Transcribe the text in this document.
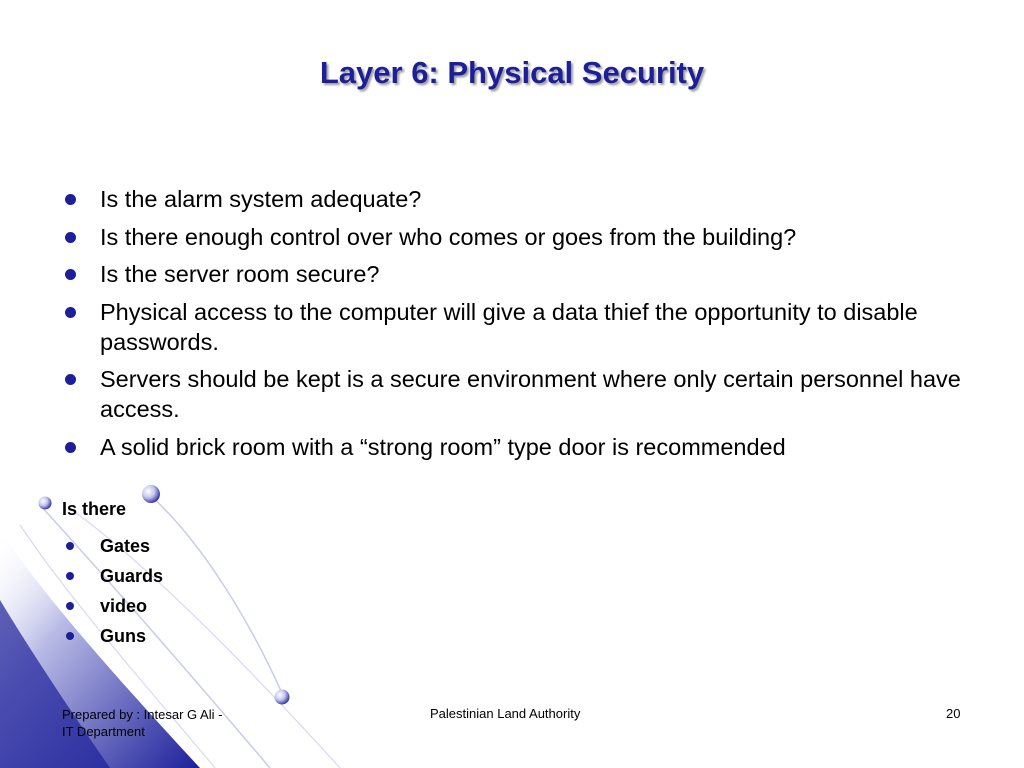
Layer 6: Physical Security
Is the alarm system adequate?
Is there enough control over who comes or goes from the building?
Is the server room secure?
Physical access to the computer will give a data thief the opportunity to disable passwords.
Servers should be kept is a secure environment where only certain personnel have access.
A solid brick room with a “strong room” type door is recommended
Is there
Gates
Guards
video
Guns
Prepared by : Intesar G Ali -
IT Department
Palestinian Land Authority	20
